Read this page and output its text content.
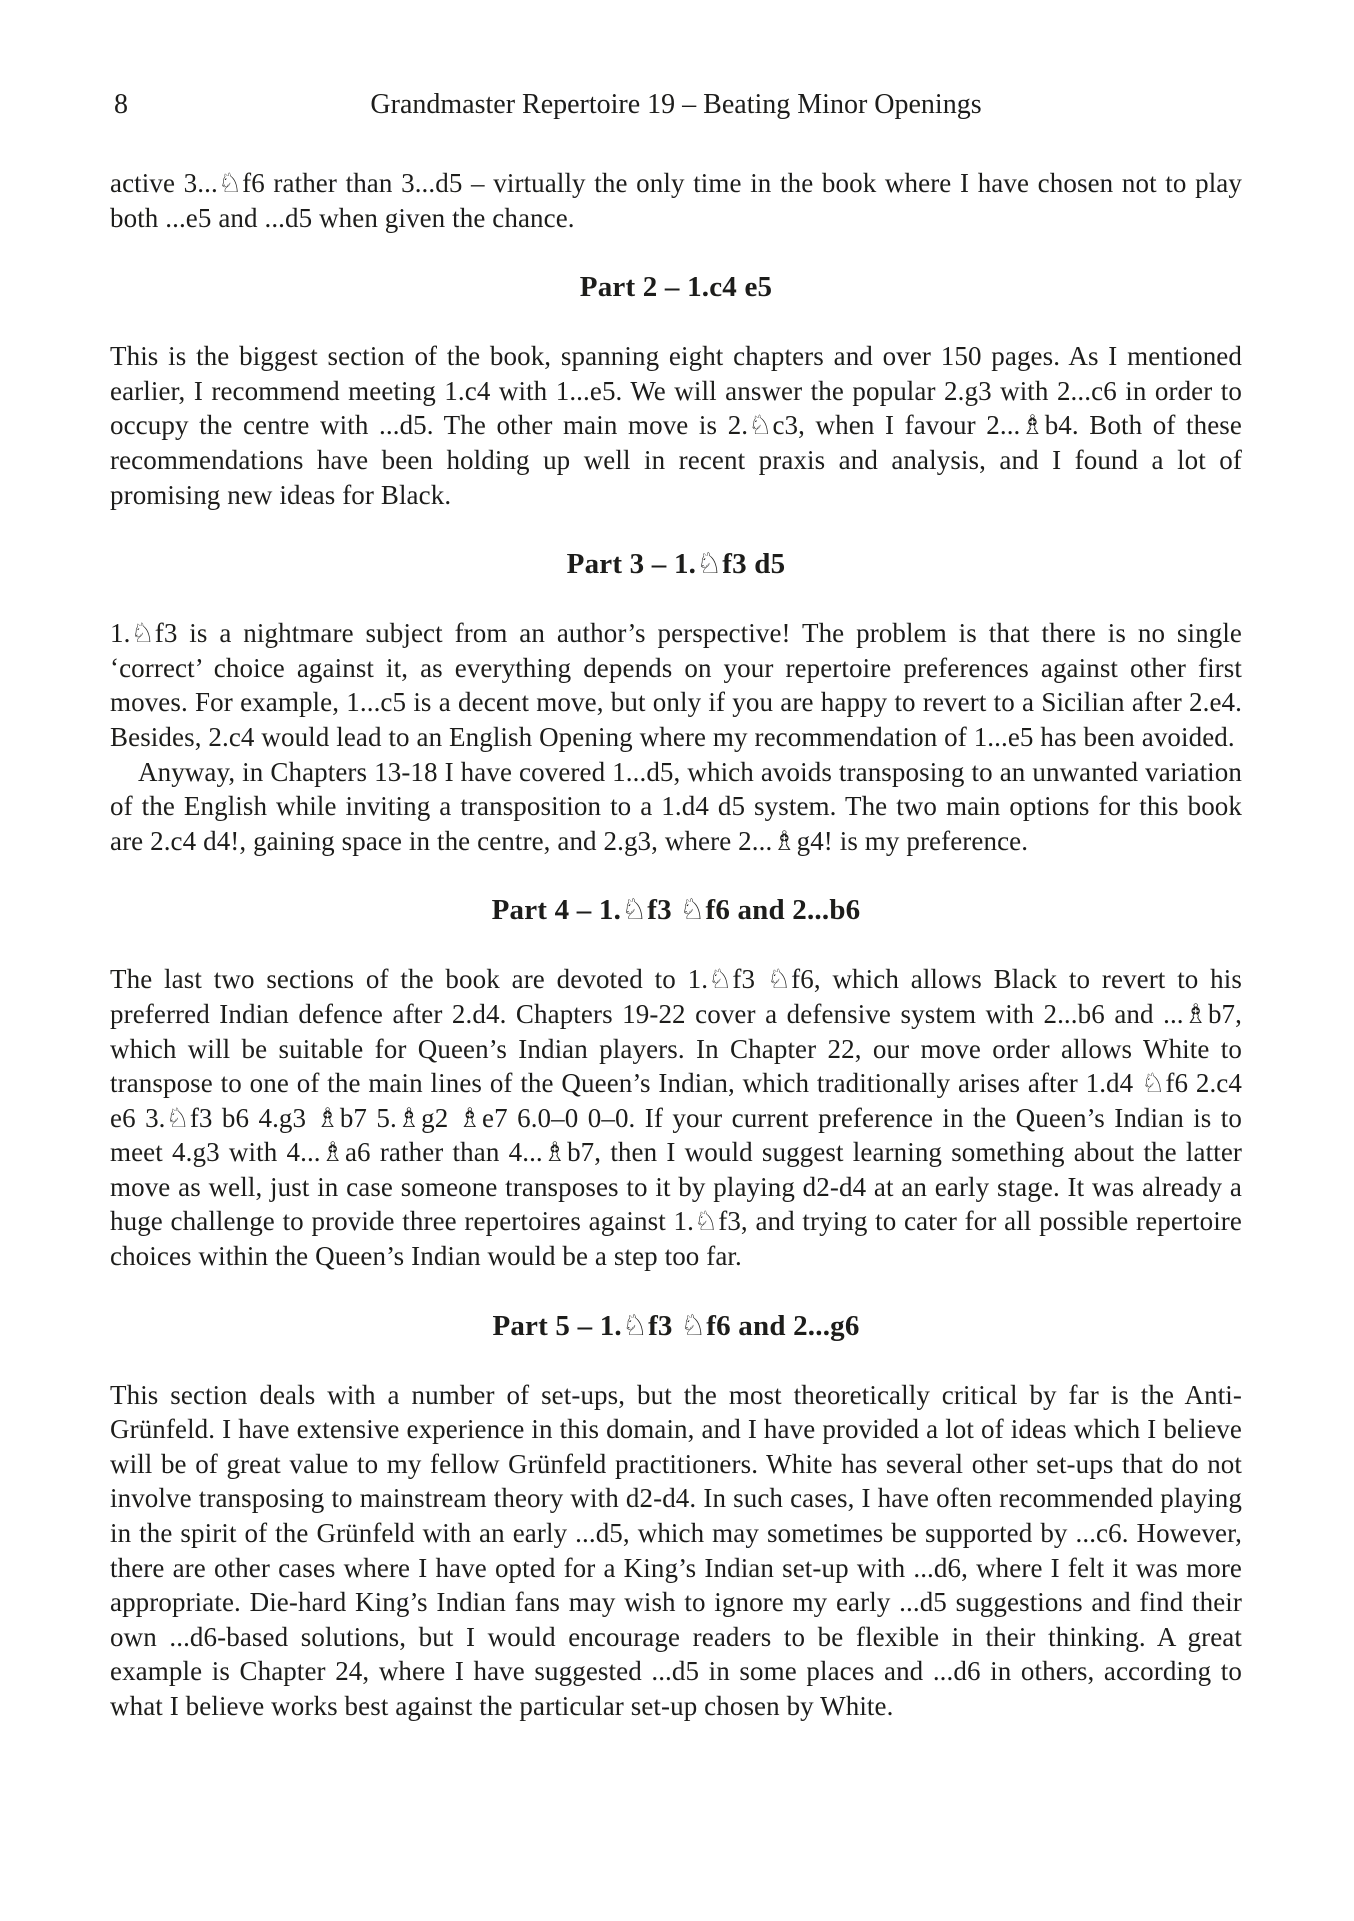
8	Grandmaster Repertoire 19 – Beating Minor Openings

active 3...♘f6 rather than 3...d5 – virtually the only time in the book where I have chosen not to play both ...e5 and ...d5 when given the chance.

Part 2 – 1.c4 e5

This is the biggest section of the book, spanning eight chapters and over 150 pages. As I mentioned earlier, I recommend meeting 1.c4 with 1...e5. We will answer the popular 2.g3 with 2...c6 in order to occupy the centre with ...d5. The other main move is 2.♘c3, when I favour 2...♗b4. Both of these recommendations have been holding up well in recent praxis and analysis, and I found a lot of promising new ideas for Black.

Part 3 – 1.♘f3 d5

1.♘f3 is a nightmare subject from an author’s perspective! The problem is that there is no single ‘correct’ choice against it, as everything depends on your repertoire preferences against other first moves. For example, 1...c5 is a decent move, but only if you are happy to revert to a Sicilian after 2.e4. Besides, 2.c4 would lead to an English Opening where my recommendation of 1...e5 has been avoided.

Anyway, in Chapters 13-18 I have covered 1...d5, which avoids transposing to an unwanted variation of the English while inviting a transposition to a 1.d4 d5 system. The two main options for this book are 2.c4 d4!, gaining space in the centre, and 2.g3, where 2...♗g4! is my preference.

Part 4 – 1.♘f3 ♘f6 and 2...b6

The last two sections of the book are devoted to 1.♘f3 ♘f6, which allows Black to revert to his preferred Indian defence after 2.d4. Chapters 19-22 cover a defensive system with 2...b6 and ...♗b7, which will be suitable for Queen’s Indian players. In Chapter 22, our move order allows White to transpose to one of the main lines of the Queen’s Indian, which traditionally arises after 1.d4 ♘f6 2.c4 e6 3.♘f3 b6 4.g3 ♗b7 5.♗g2 ♗e7 6.0–0 0–0. If your current preference in the Queen’s Indian is to meet 4.g3 with 4...♗a6 rather than 4...♗b7, then I would suggest learning something about the latter move as well, just in case someone transposes to it by playing d2-d4 at an early stage. It was already a huge challenge to provide three repertoires against 1.♘f3, and trying to cater for all possible repertoire choices within the Queen’s Indian would be a step too far.

Part 5 – 1.♘f3 ♘f6 and 2...g6

This section deals with a number of set-ups, but the most theoretically critical by far is the Anti-Grünfeld. I have extensive experience in this domain, and I have provided a lot of ideas which I believe will be of great value to my fellow Grünfeld practitioners. White has several other set-ups that do not involve transposing to mainstream theory with d2-d4. In such cases, I have often recommended playing in the spirit of the Grünfeld with an early ...d5, which may sometimes be supported by ...c6. However, there are other cases where I have opted for a King’s Indian set-up with ...d6, where I felt it was more appropriate. Die-hard King’s Indian fans may wish to ignore my early ...d5 suggestions and find their own ...d6-based solutions, but I would encourage readers to be flexible in their thinking. A great example is Chapter 24, where I have suggested ...d5 in some places and ...d6 in others, according to what I believe works best against the particular set-up chosen by White.
